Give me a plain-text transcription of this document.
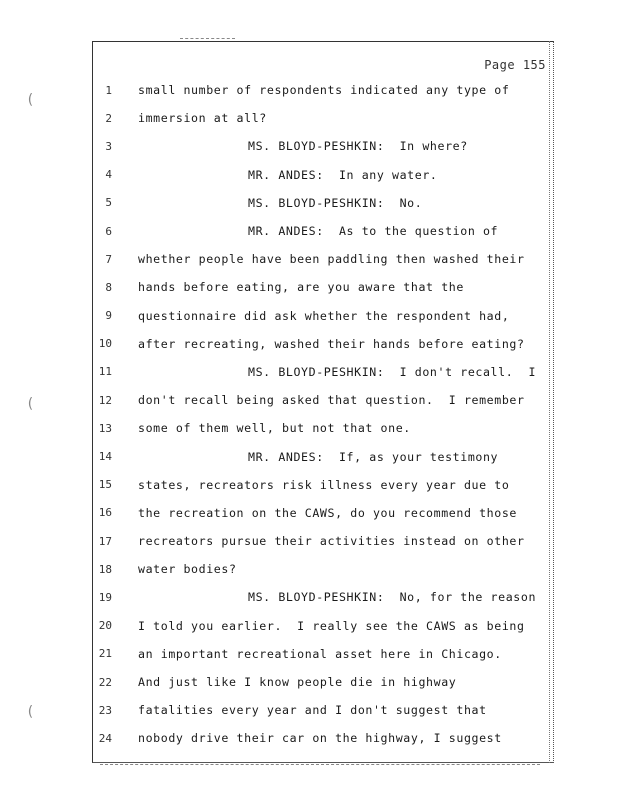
(
(
(
Page 155
1 small number of respondents indicated any type of
2 immersion at all?
3	MS. BLOYD-PESHKIN:  In where?
4	MR. ANDES:  In any water.
5	MS. BLOYD-PESHKIN:  No.
6	MR. ANDES:  As to the question of
7 whether people have been paddling then washed their
8 hands before eating, are you aware that the
9 questionnaire did ask whether the respondent had,
10 after recreating, washed their hands before eating?
11	MS. BLOYD-PESHKIN:  I don't recall.  I
12 don't recall being asked that question.  I remember
13 some of them well, but not that one.
14	MR. ANDES:  If, as your testimony
15 states, recreators risk illness every year due to
16 the recreation on the CAWS, do you recommend those
17 recreators pursue their activities instead on other
18 water bodies?
19	MS. BLOYD-PESHKIN:  No, for the reason
20 I told you earlier.  I really see the CAWS as being
21 an important recreational asset here in Chicago.
22 And just like I know people die in highway
23 fatalities every year and I don't suggest that
24 nobody drive their car on the highway, I suggest
